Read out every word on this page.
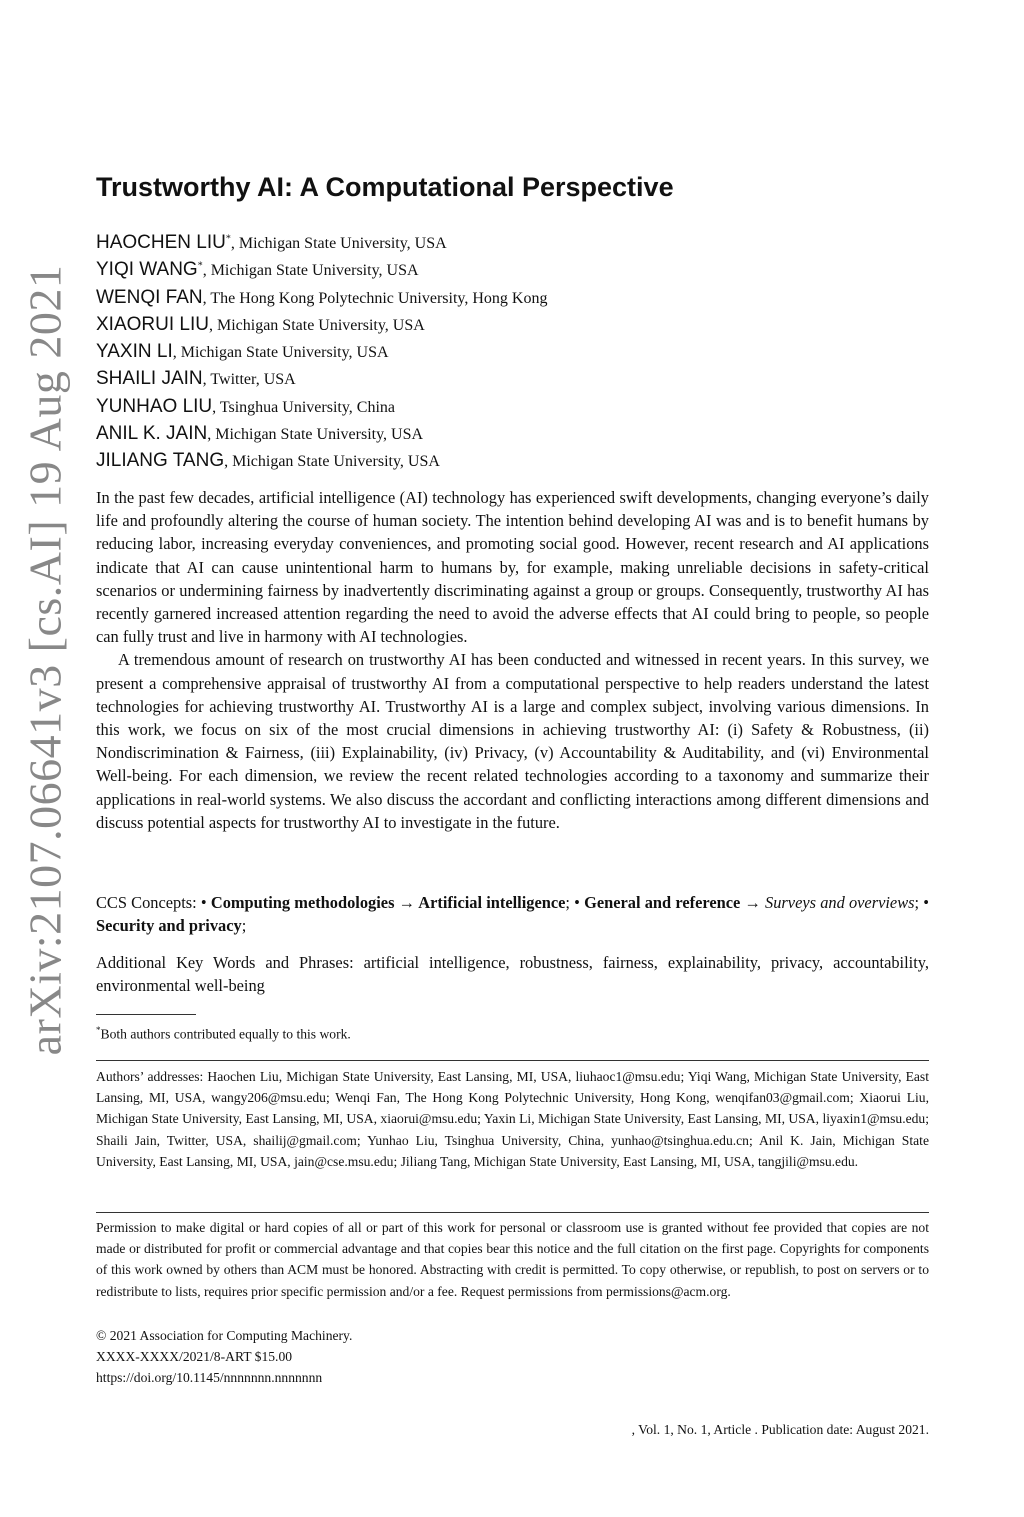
arXiv:2107.06641v3 [cs.AI] 19 Aug 2021
Trustworthy AI: A Computational Perspective
HAOCHEN LIU*, Michigan State University, USA
YIQI WANG*, Michigan State University, USA
WENQI FAN, The Hong Kong Polytechnic University, Hong Kong
XIAORUI LIU, Michigan State University, USA
YAXIN LI, Michigan State University, USA
SHAILI JAIN, Twitter, USA
YUNHAO LIU, Tsinghua University, China
ANIL K. JAIN, Michigan State University, USA
JILIANG TANG, Michigan State University, USA

In the past few decades, artificial intelligence (AI) technology has experienced swift developments, changing everyone’s daily life and profoundly altering the course of human society. The intention behind developing AI was and is to benefit humans by reducing labor, increasing everyday conveniences, and promoting social good. However, recent research and AI applications indicate that AI can cause unintentional harm to humans by, for example, making unreliable decisions in safety-critical scenarios or undermining fairness by inadvertently discriminating against a group or groups. Consequently, trustworthy AI has recently garnered increased attention regarding the need to avoid the adverse effects that AI could bring to people, so people can fully trust and live in harmony with AI technologies.

A tremendous amount of research on trustworthy AI has been conducted and witnessed in recent years. In this survey, we present a comprehensive appraisal of trustworthy AI from a computational perspective to help readers understand the latest technologies for achieving trustworthy AI. Trustworthy AI is a large and complex subject, involving various dimensions. In this work, we focus on six of the most crucial dimensions in achieving trustworthy AI: (i) Safety & Robustness, (ii) Nondiscrimination & Fairness, (iii) Explainability, (iv) Privacy, (v) Accountability & Auditability, and (vi) Environmental Well-being. For each dimension, we review the recent related technologies according to a taxonomy and summarize their applications in real-world systems. We also discuss the accordant and conflicting interactions among different dimensions and discuss potential aspects for trustworthy AI to investigate in the future.

CCS Concepts: • Computing methodologies → Artificial intelligence; • General and reference → Surveys and overviews; • Security and privacy;
Additional Key Words and Phrases: artificial intelligence, robustness, fairness, explainability, privacy, accountability, environmental well-being
*Both authors contributed equally to this work.
Authors’ addresses: Haochen Liu, Michigan State University, East Lansing, MI, USA, liuhaoc1@msu.edu; Yiqi Wang, Michigan State University, East Lansing, MI, USA, wangy206@msu.edu; Wenqi Fan, The Hong Kong Polytechnic University, Hong Kong, wenqifan03@gmail.com; Xiaorui Liu, Michigan State University, East Lansing, MI, USA, xiaorui@msu.edu; Yaxin Li, Michigan State University, East Lansing, MI, USA, liyaxin1@msu.edu; Shaili Jain, Twitter, USA, shailij@gmail.com; Yunhao Liu, Tsinghua University, China, yunhao@tsinghua.edu.cn; Anil K. Jain, Michigan State University, East Lansing, MI, USA, jain@cse.msu.edu; Jiliang Tang, Michigan State University, East Lansing, MI, USA, tangjili@msu.edu.
Permission to make digital or hard copies of all or part of this work for personal or classroom use is granted without fee provided that copies are not made or distributed for profit or commercial advantage and that copies bear this notice and the full citation on the first page. Copyrights for components of this work owned by others than ACM must be honored. Abstracting with credit is permitted. To copy otherwise, or republish, to post on servers or to redistribute to lists, requires prior specific permission and/or a fee. Request permissions from permissions@acm.org.
© 2021 Association for Computing Machinery.
XXXX-XXXX/2021/8-ART $15.00
https://doi.org/10.1145/nnnnnnn.nnnnnnn
, Vol. 1, No. 1, Article . Publication date: August 2021.
